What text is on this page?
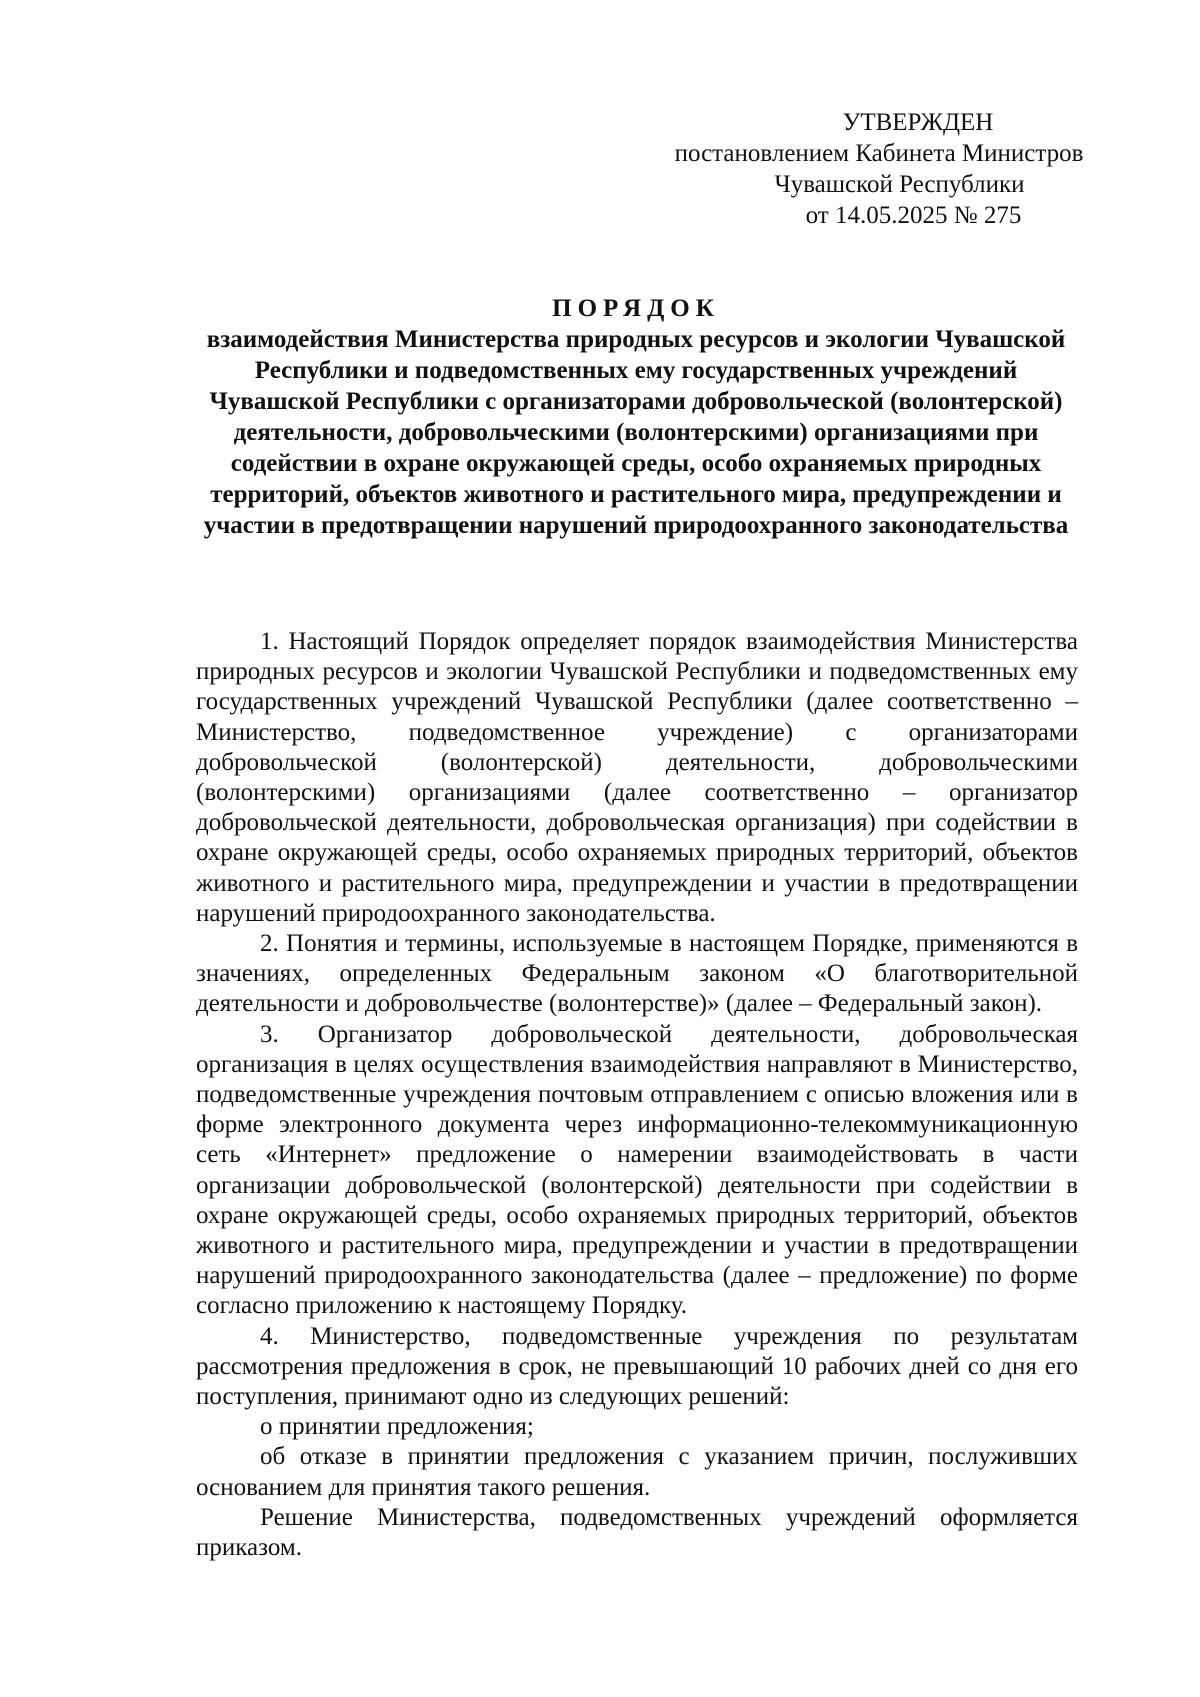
УТВЕРЖДЕН
постановлением Кабинета Министров
Чувашской Республики
от 14.05.2025 № 275
ПОРЯДОК
взаимодействия Министерства природных ресурсов и экологии Чувашской Республики и подведомственных ему государственных учреждений Чувашской Республики с организаторами добровольческой (волонтерской) деятельности, добровольческими (волонтерскими) организациями при содействии в охране окружающей среды, особо охраняемых природных территорий, объектов животного и растительного мира, предупреждении и участии в предотвращении нарушений природоохранного законодательства

1. Настоящий Порядок определяет порядок взаимодействия Министерства природных ресурсов и экологии Чувашской Республики и подведомственных ему государственных учреждений Чувашской Республики (далее соответственно – Министерство, подведомственное учреждение) с организаторами добровольческой (волонтерской) деятельности, добровольческими (волонтерскими) организациями (далее соответственно – организатор добровольческой деятельности, добровольческая организация) при содействии в охране окружающей среды, особо охраняемых природных территорий, объектов животного и растительного мира, предупреждении и участии в предотвращении нарушений природоохранного законодательства.

2. Понятия и термины, используемые в настоящем Порядке, применяются в значениях, определенных Федеральным законом «О благотворительной деятельности и добровольчестве (волонтерстве)» (далее – Федеральный закон).

3. Организатор добровольческой деятельности, добровольческая организация в целях осуществления взаимодействия направляют в Министерство, подведомственные учреждения почтовым отправлением с описью вложения или в форме электронного документа через информационно-телекоммуникационную сеть «Интернет» предложение о намерении взаимодействовать в части организации добровольческой (волонтерской) деятельности при содействии в охране окружающей среды, особо охраняемых природных территорий, объектов животного и растительного мира, предупреждении и участии в предотвращении нарушений природоохранного законодательства (далее – предложение) по форме согласно приложению к настоящему Порядку.

4. Министерство, подведомственные учреждения по результатам рассмотрения предложения в срок, не превышающий 10 рабочих дней со дня его поступления, принимают одно из следующих решений:

о принятии предложения;

об отказе в принятии предложения с указанием причин, послуживших основанием для принятия такого решения.

Решение Министерства, подведомственных учреждений оформляется приказом.
